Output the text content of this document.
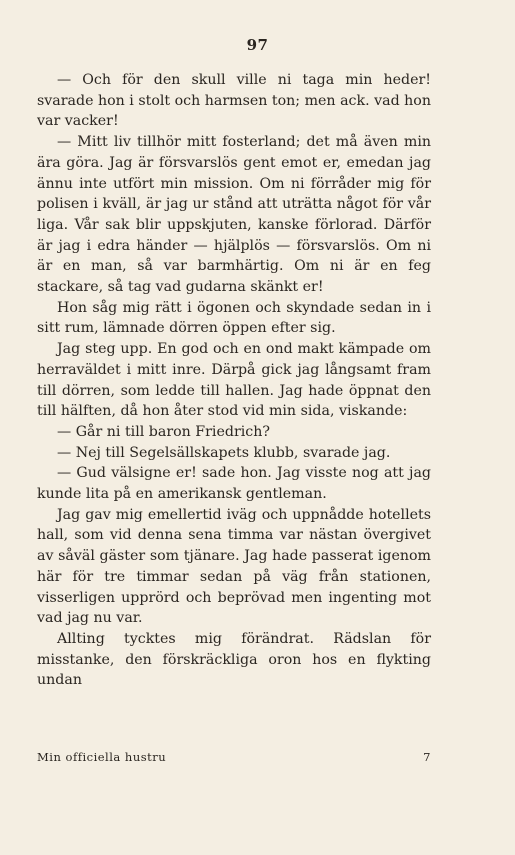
97

— Och för den skull ville ni taga min heder! svarade hon i stolt och harmsen ton; men ack. vad hon var vacker!

— Mitt liv tillhör mitt fosterland; det må även min ära göra. Jag är försvarslös gent emot er, emedan jag ännu inte utfört min mission. Om ni förråder mig för polisen i kväll, är jag ur stånd att uträtta något för vår liga. Vår sak blir uppskjuten, kanske förlorad. Därför är jag i edra händer — hjälplös — försvarslös. Om ni är en man, så var barmhärtig. Om ni är en feg stackare, så tag vad gudarna skänkt er!

Hon såg mig rätt i ögonen och skyndade sedan in i sitt rum, lämnade dörren öppen efter sig.

Jag steg upp. En god och en ond makt kämpade om herraväldet i mitt inre. Därpå gick jag långsamt fram till dörren, som ledde till hallen. Jag hade öppnat den till hälften, då hon åter stod vid min sida, viskande:

— Går ni till baron Friedrich?

— Nej till Segelsällskapets klubb, svarade jag.

— Gud välsigne er! sade hon. Jag visste nog att jag kunde lita på en amerikansk gentleman.

Jag gav mig emellertid iväg och uppnådde hotellets hall, som vid denna sena timma var nästan övergivet av såväl gäster som tjänare. Jag hade passerat igenom här för tre timmar sedan på väg från stationen, visserligen upprörd och beprövad men ingenting mot vad jag nu var.

Allting tycktes mig förändrat. Rädslan för misstanke, den förskräckliga oron hos en flykting undan

Min officiella hustru	7
